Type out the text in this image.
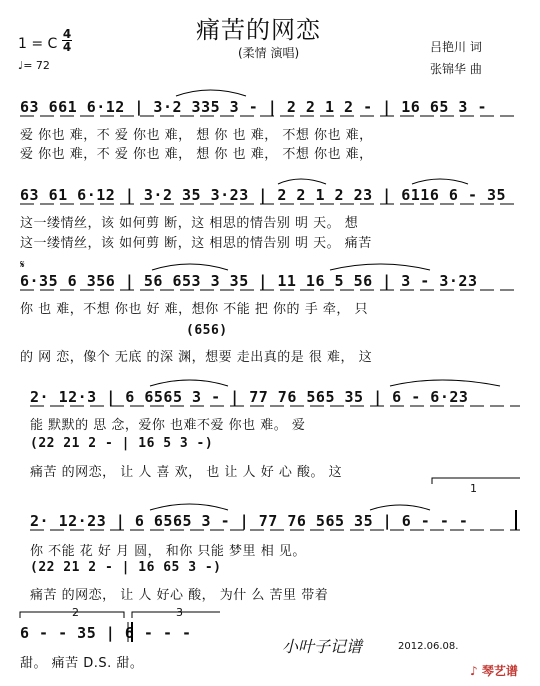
痛苦的网恋
(柔情 演唱)
1 = C
4
4
♩= 72
吕艳川 词
张锦华 曲
63 661 6·12 | 3·2 335 3 - | 2 2 1 2 - | 16 65 3 -
爱 你也 难，不 爱 你也 难， 想 你 也 难， 不想 你也 难，
爱 你也 难，不 爱 你也 难， 想 你 也 难， 不想 你也 难，
63 61 6·12 | 3·2 35 3·23 | 2 2 1 2 23 | 6116 6 - 35
这一缕情丝，该 如何剪 断，这 相思的情告别 明 天。 想
这一缕情丝，该 如何剪 断，这 相思的情告别 明 天。 痛苦
𝄋
6·35 6 356 | 56 653 3 35 | 11 16 5 56 | 3 - 3·23
你 也 难，不想 你也 好 难，想你 不能 把 你的 手 牵， 只
(656)
的 网 恋，像个 无底 的深 渊，想要 走出真的是 很 难， 这
2· 12·3 | 6 6565 3 - | 77 76 565 35 | 6 - 6·23
能 默默的 思 念，爱你 也难不爱 你也 难。 爱
(22 21 2 - | 16 5 3 -)
痛苦 的网恋， 让 人 喜 欢， 也 让 人 好 心 酸。 这
2· 12·23 | 6 6565 3 - | 77 76 565 35 | 6 - - -
你 不能 花 好 月 圆， 和你 只能 梦里 相 见。
(22 21 2 - | 16 65 3 -)
痛苦 的网恋， 让 人 好心 酸， 为什 么 苦里 带着
2	3
1
6 - - 35 | 6 - - -
甜。 痛苦 D.S. 甜。
小叶子记谱	2012.06.08.
♪ 琴艺谱
